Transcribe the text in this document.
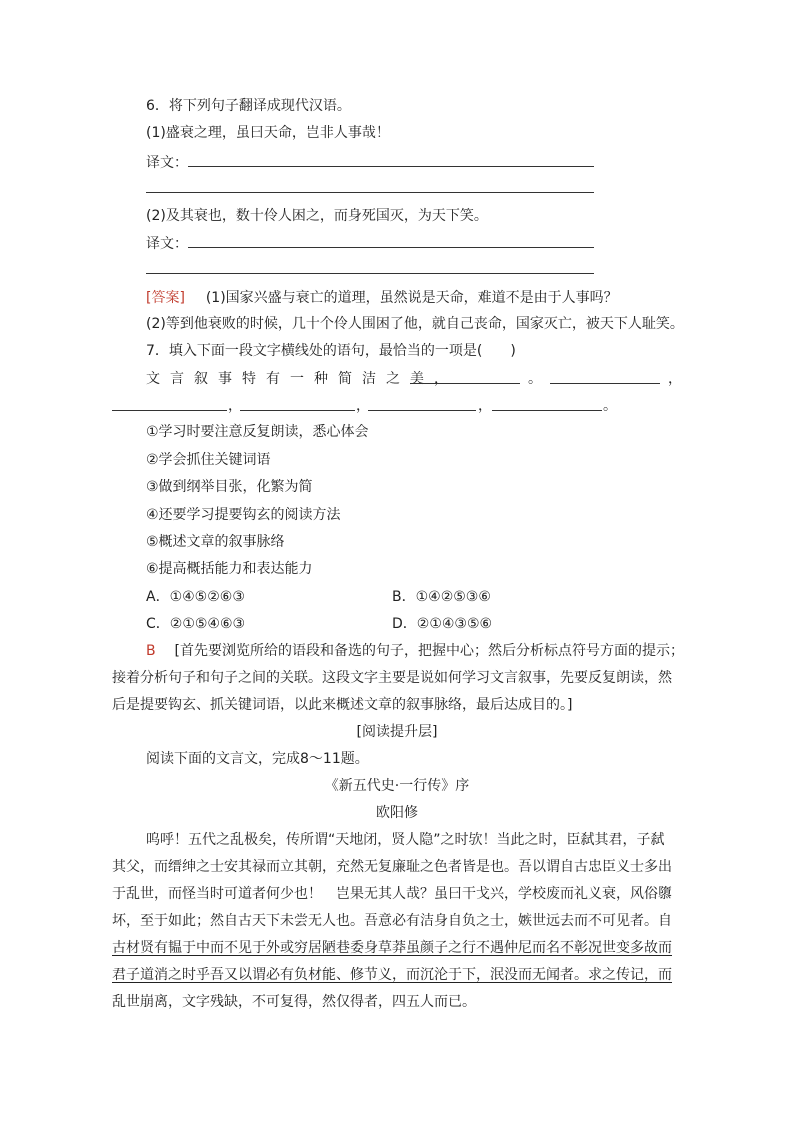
6．将下列句子翻译成现代汉语。
(1)盛衰之理，虽曰天命，岂非人事哉！
译文：
(2)及其衰也，数十伶人困之，而身死国灭，为天下笑。
译文：
[答案] (1)国家兴盛与衰亡的道理，虽然说是天命，难道不是由于人事吗？
(2)等到他衰败的时候，几十个伶人围困了他，就自己丧命，国家灭亡，被天下人耻笑。
7．填入下面一段文字横线处的语句，最恰当的一项是(　　)
文言叙事特有一种简洁之美，	。	，
，	，	，	。
①学习时要注意反复朗读，悉心体会
②学会抓住关键词语
③做到纲举目张，化繁为简
④还要学习提要钩玄的阅读方法
⑤概述文章的叙事脉络
⑥提高概括能力和表达能力
A．①④⑤②⑥③	B．①④②⑤③⑥
C．②①⑤④⑥③	D．②①④③⑤⑥
B [首先要浏览所给的语段和备选的句子，把握中心；然后分析标点符号方面的提示；
接着分析句子和句子之间的关联。这段文字主要是说如何学习文言叙事，先要反复朗读，然
后是提要钩玄、抓关键词语，以此来概述文章的叙事脉络，最后达成目的。]
[阅读提升层]
阅读下面的文言文，完成8～11题。
《新五代史·一行传》序
欧阳修
呜呼！五代之乱极矣，传所谓“天地闭，贤人隐”之时欤！当此之时，臣弑其君，子弑
其父，而缙绅之士安其禄而立其朝，充然无复廉耻之色者皆是也。吾以谓自古忠臣义士多出
于乱世，而怪当时可道者何少也！　岂果无其人哉？虽曰干戈兴，学校废而礼义衰，风俗隳
坏，至于如此；然自古天下未尝无人也。吾意必有洁身自负之士，嫉世远去而不可见者。自
古材贤有韫于中而不见于外或穷居陋巷委身草莽虽颜子之行不遇仲尼而名不彰况世变多故而
君子道消之时乎吾又以谓必有负材能、修节义，而沉沦于下，泯没而无闻者。求之传记，而
乱世崩离，文字残缺，不可复得，然仅得者，四五人而已。
